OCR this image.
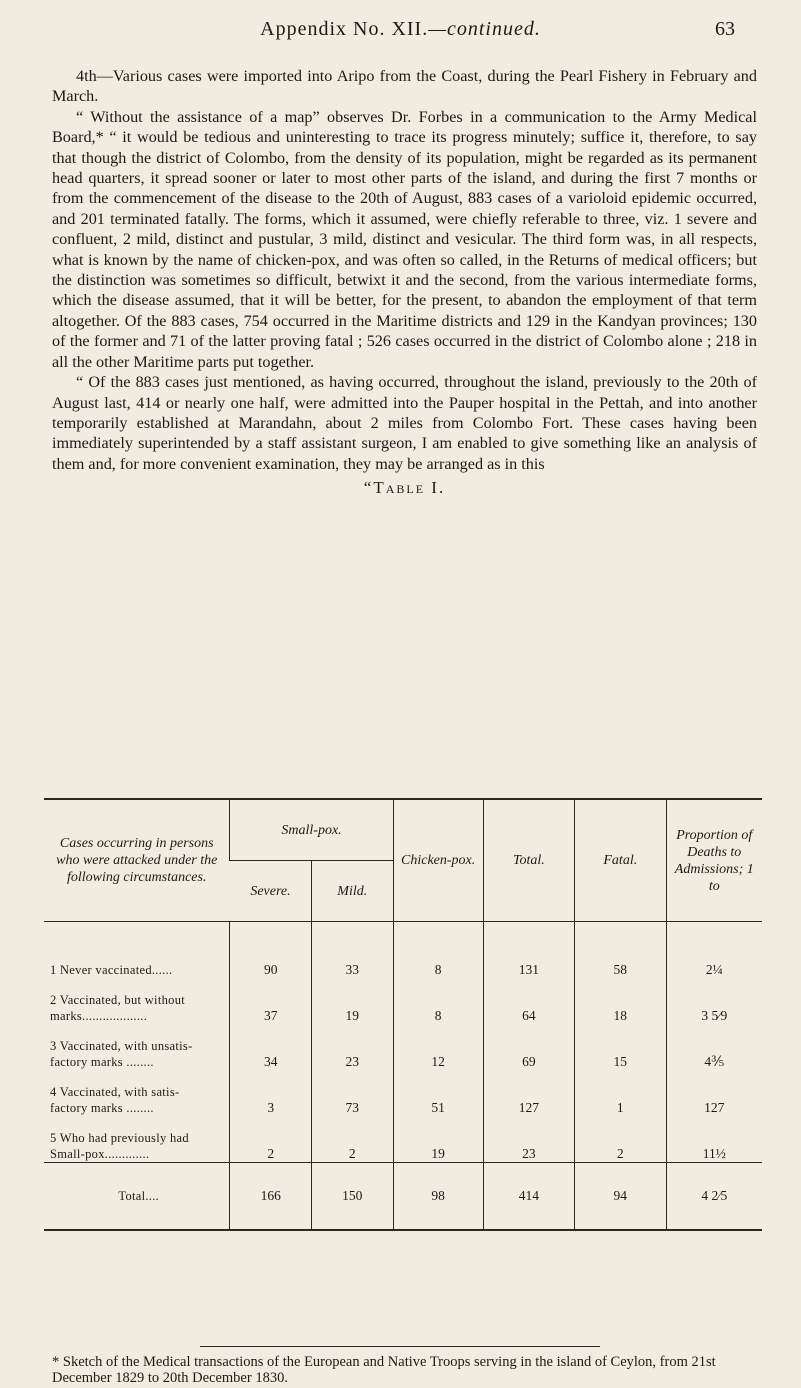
Appendix No. XII.—continued.	63

4th—Various cases were imported into Aripo from the Coast, during the Pearl Fishery in February and March.

“ Without the assistance of a map” observes Dr. Forbes in a communication to the Army Medical Board,* “ it would be tedious and uninteresting to trace its progress minutely; suffice it, therefore, to say that though the district of Colombo, from the density of its population, might be regarded as its permanent head quarters, it spread sooner or later to most other parts of the island, and during the first 7 months or from the commencement of the disease to the 20th of August, 883 cases of a varioloid epidemic occurred, and 201 terminated fatally. The forms, which it assumed, were chiefly referable to three, viz. 1 severe and confluent, 2 mild, distinct and pustular, 3 mild, distinct and vesicular. The third form was, in all respects, what is known by the name of chicken-pox, and was often so called, in the Returns of medical officers; but the distinction was sometimes so difficult, betwixt it and the second, from the various intermediate forms, which the disease assumed, that it will be better, for the present, to abandon the employment of that term altogether. Of the 883 cases, 754 occurred in the Maritime districts and 129 in the Kandyan provinces; 130 of the former and 71 of the latter proving fatal ; 526 cases occurred in the district of Colombo alone ; 218 in all the other Maritime parts put together.

“ Of the 883 cases just mentioned, as having occurred, throughout the island, previously to the 20th of August last, 414 or nearly one half, were admitted into the Pauper hospital in the Pettah, and into another temporarily established at Marandahn, about 2 miles from Colombo Fort. These cases having been immediately superintended by a staff assistant surgeon, I am enabled to give something like an analysis of them and, for more convenient examination, they may be arranged as in this

“Table I.
Cases occurring in persons who were attacked under the following circumstances.	Small-pox.		Chicken-pox.	Total.	Fatal.	Proportion of Deaths to Admissions; 1 to
	Severe.	Mild.				

1 Never vaccinated......	90	33	8	131	58	2¼

2 Vaccinated, but without
marks...................	37	19	8	64	18	3 5⁄9

3 Vaccinated, with unsatis-
factory marks ........	34	23	12	69	15	4⅗

4 Vaccinated, with satis-
factory marks ........	3	73	51	127	1	127

5 Who had previously had
Small-pox.............	2	2	19	23	2	11½
Total....	166	150	98	414	94	4 2⁄5
* Sketch of the Medical transactions of the European and Native Troops serving in the island of Ceylon, from 21st December 1829 to 20th December 1830.
